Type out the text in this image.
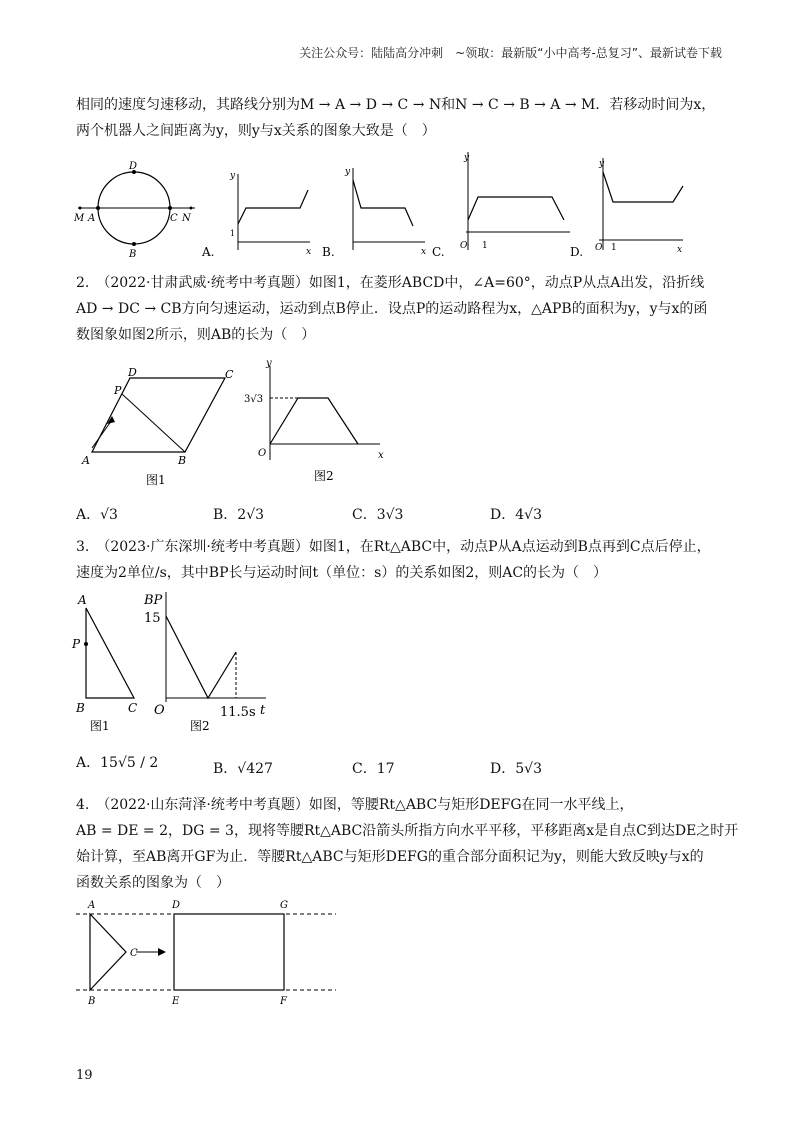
关注公众号：陆陆高分冲刺　~领取：最新版“小中高考-总复习”、最新试卷下载
相同的速度匀速移动，其路线分别为M → A → D → C → N和N → C → B → A → M．若移动时间为x，
两个机器人之间距离为y，则y与x关系的图象大致是（　）
D
B
M A	C N
y
x
1
A.
y
x
B.
y
O 1
C.
y
O 1	x
D.
2.　（2022·甘肃武威·统考中考真题）如图1，在菱形ABCD中，∠A=60°，动点P从点A出发，沿折线
AD → DC → CB方向匀速运动，运动到点B停止．设点P的运动路程为x，△APB的面积为y，y与x的函
数图象如图2所示，则AB的长为（　）
A	B
C
D
P
图1
y
x
O
3√3
图2
A．√3	B．2√3	C．3√3	D．4√3
3.　（2023·广东深圳·统考中考真题）如图1，在Rt△ABC中，动点P从A点运动到B点再到C点后停止，
速度为2单位/s，其中BP长与运动时间t（单位：s）的关系如图2，则AC的长为（　）
A
P
B	C
图1
BP
15
O	t
11.5s
图2
A．15√5 / 2	B．√427	C．17	D．5√3
4.　（2022·山东菏泽·统考中考真题）如图，等腰Rt△ABC与矩形DEFG在同一水平线上，
AB = DE = 2，DG = 3，现将等腰Rt△ABC沿箭头所指方向水平平移，平移距离x是自点C到达DE之时开
始计算，至AB离开GF为止．等腰Rt△ABC与矩形DEFG的重合部分面积记为y，则能大致反映y与x的
函数关系的图象为（　）
A
B
C
D
E	F
G
19
